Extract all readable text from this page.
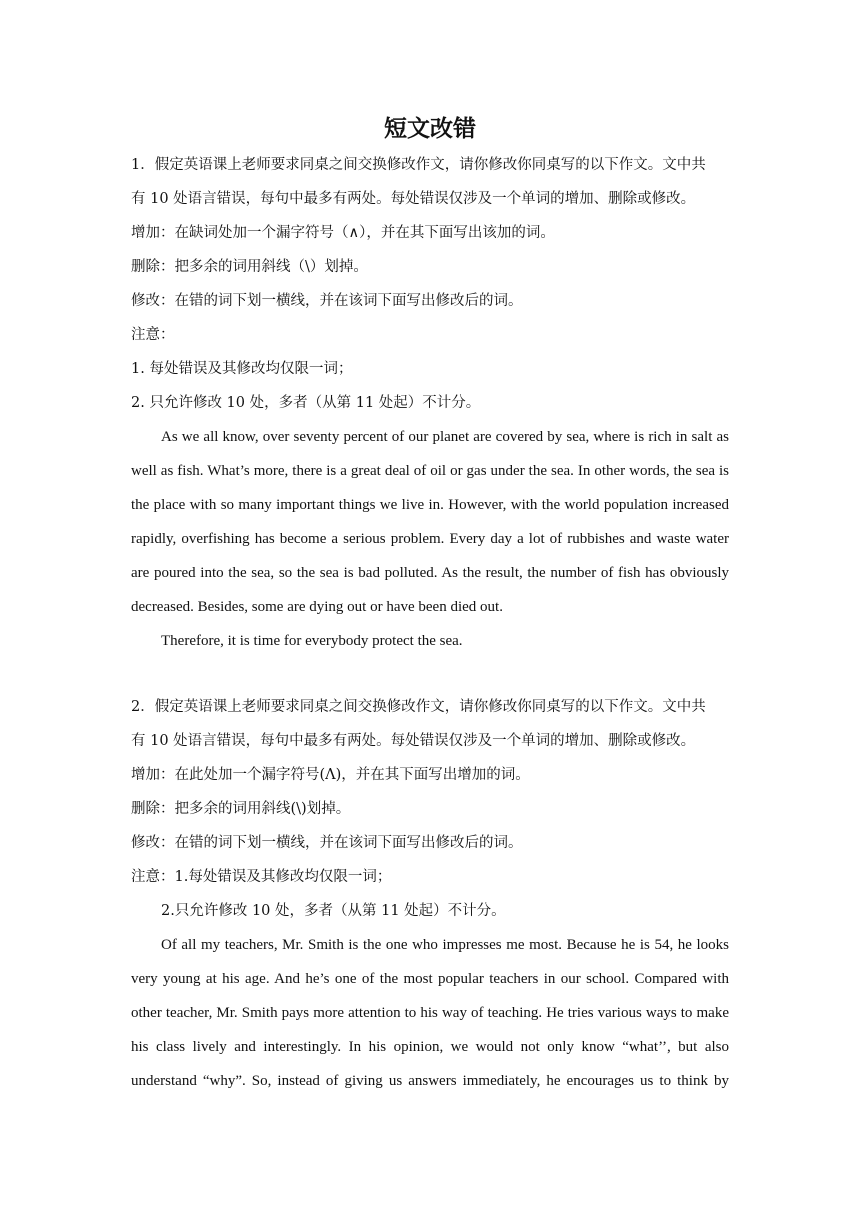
短文改错
1．假定英语课上老师要求同桌之间交换修改作文，请你修改你同桌写的以下作文。文中共
有 10 处语言错误，每句中最多有两处。每处错误仅涉及一个单词的增加、删除或修改。
增加：在缺词处加一个漏字符号（∧），并在其下面写出该加的词。
删除：把多余的词用斜线（\）划掉。
修改：在错的词下划一横线，并在该词下面写出修改后的词。
注意：
1. 每处错误及其修改均仅限一词；
2. 只允许修改 10 处，多者（从第 11 处起）不计分。
As we all know, over seventy percent of our planet are covered by sea, where is rich in salt as
well as fish. What’s more, there is a great deal of oil or gas under the sea. In other words, the sea is
the place with so many important things we live in. However, with the world population increased
rapidly, overfishing has become a serious problem. Every day a lot of rubbishes and waste water
are poured into the sea, so the sea is bad polluted. As the result, the number of fish has obviously
decreased. Besides, some are dying out or have been died out.
Therefore, it is time for everybody protect the sea.
2．假定英语课上老师要求同桌之间交换修改作文，请你修改你同桌写的以下作文。文中共
有 10 处语言错误，每句中最多有两处。每处错误仅涉及一个单词的增加、删除或修改。
增加：在此处加一个漏字符号(Λ)，并在其下面写出增加的词。
删除：把多余的词用斜线(\)划掉。
修改：在错的词下划一横线，并在该词下面写出修改后的词。
注意：1.每处错误及其修改均仅限一词；
2.只允许修改 10 处，多者（从第 11 处起）不计分。
Of all my teachers, Mr. Smith is the one who impresses me most. Because he is 54, he looks
very young at his age. And he’s one of the most popular teachers in our school. Compared with
other teacher, Mr. Smith pays more attention to his way of teaching. He tries various ways to make
his class lively and interestingly. In his opinion, we would not only know “what’’, but also
understand “why”. So, instead of giving us answers immediately, he encourages us to think by
